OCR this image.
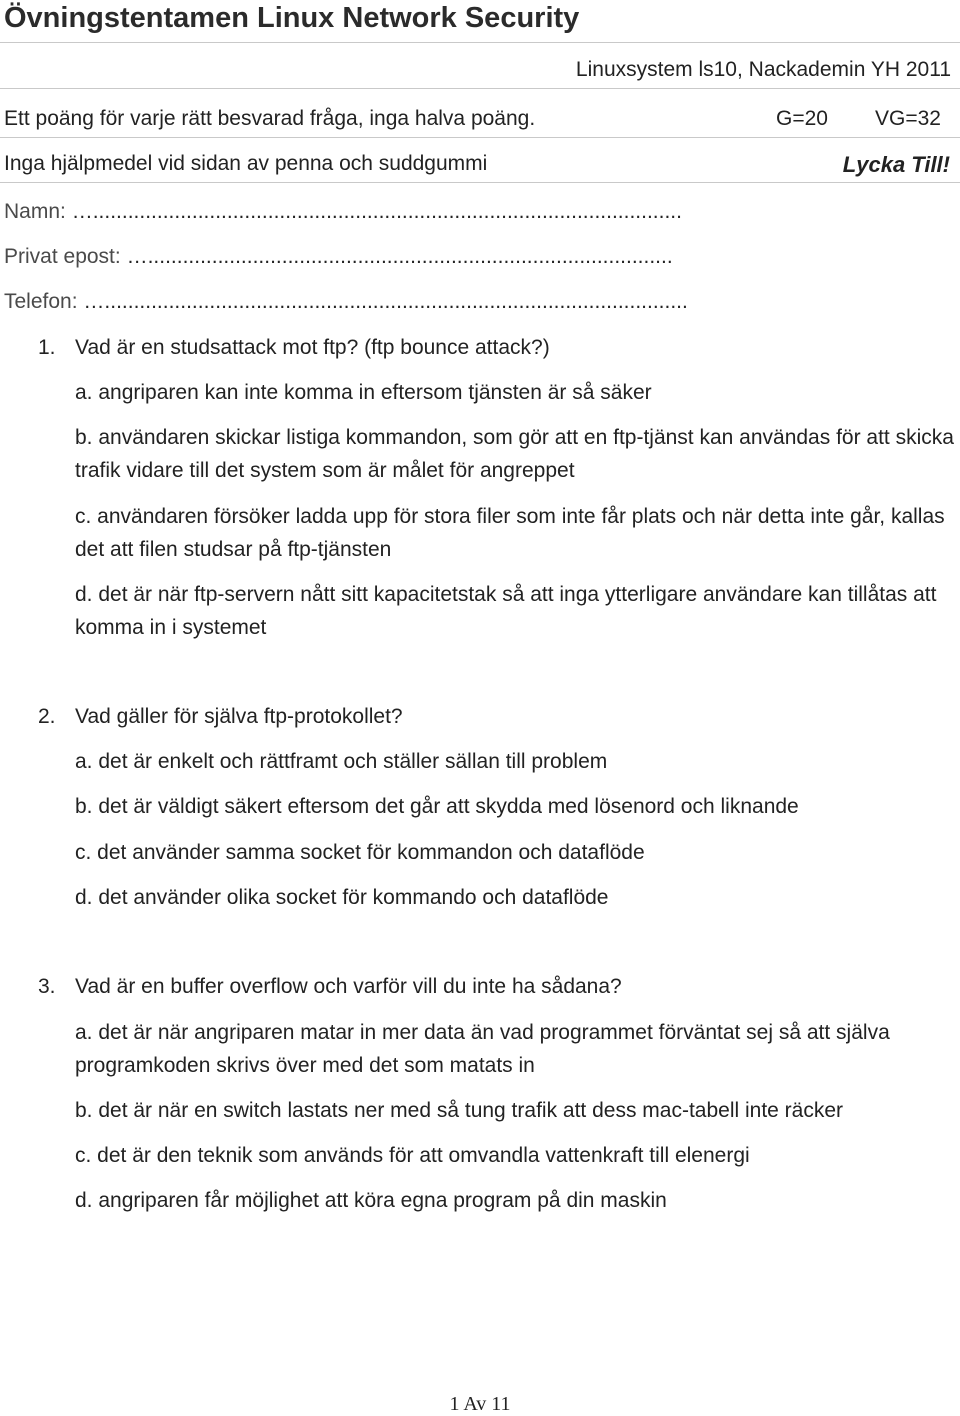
Övningstentamen Linux Network Security
Linuxsystem ls10, Nackademin YH 2011
Ett poäng för varje rätt besvarad fråga, inga halva poäng.	G=20 VG=32
Inga hjälpmedel vid sidan av penna och suddgummi	Lycka Till!
Namn: ….....................................................................................................
Privat epost: …..........................................................................................
Telefon: …....................................................................................................
1. Vad är en studsattack mot ftp? (ftp bounce attack?)
a. angriparen kan inte komma in eftersom tjänsten är så säker
b. användaren skickar listiga kommandon, som gör att en ftp-tjänst kan användas för att skicka trafik vidare till det system som är målet för angreppet
c. användaren försöker ladda upp för stora filer som inte får plats och när detta inte går, kallas det att filen studsar på ftp-tjänsten
d. det är när ftp-servern nått sitt kapacitetstak så att inga ytterligare användare kan tillåtas att komma in i systemet
2. Vad gäller för själva ftp-protokollet?
a. det är enkelt och rättframt och ställer sällan till problem
b. det är väldigt säkert eftersom det går att skydda med lösenord och liknande
c. det använder samma socket för kommandon och dataflöde
d. det använder olika socket för kommando och dataflöde
3. Vad är en buffer overflow och varför vill du inte ha sådana?
a. det är när angriparen matar in mer data än vad programmet förväntat sej så att själva programkoden skrivs över med det som matats in
b. det är när en switch lastats ner med så tung trafik att dess mac-tabell inte räcker
c. det är den teknik som används för att omvandla vattenkraft till elenergi
d. angriparen får möjlighet att köra egna program på din maskin
1 Av 11
